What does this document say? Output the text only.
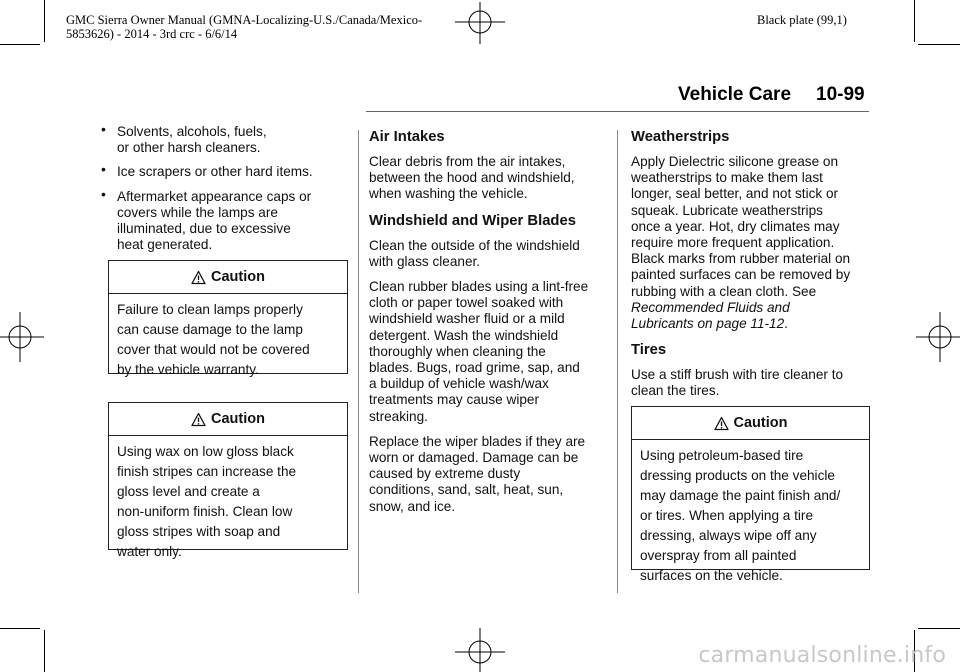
GMC Sierra Owner Manual (GMNA-Localizing-U.S./Canada/Mexico-
5853626) - 2014 - 3rd crc - 6/6/14
Black plate (99,1)
Vehicle Care 10-99
• Solvents, alcohols, fuels,
or other harsh cleaners.
• Ice scrapers or other hard items.
• Aftermarket appearance caps or
covers while the lamps are
illuminated, due to excessive
heat generated.
Caution
Failure to clean lamps properly
can cause damage to the lamp
cover that would not be covered
by the vehicle warranty.
Caution
Using wax on low gloss black
finish stripes can increase the
gloss level and create a
non-uniform finish. Clean low
gloss stripes with soap and
water only.
Air Intakes

Clear debris from the air intakes,
between the hood and windshield,
when washing the vehicle.

Windshield and Wiper Blades

Clean the outside of the windshield
with glass cleaner.

Clean rubber blades using a lint-free
cloth or paper towel soaked with
windshield washer fluid or a mild
detergent. Wash the windshield
thoroughly when cleaning the
blades. Bugs, road grime, sap, and
a buildup of vehicle wash/wax
treatments may cause wiper
streaking.

Replace the wiper blades if they are
worn or damaged. Damage can be
caused by extreme dusty
conditions, sand, salt, heat, sun,
snow, and ice.

Weatherstrips

Apply Dielectric silicone grease on
weatherstrips to make them last
longer, seal better, and not stick or
squeak. Lubricate weatherstrips
once a year. Hot, dry climates may
require more frequent application.
Black marks from rubber material on
painted surfaces can be removed by
rubbing with a clean cloth. See
Recommended Fluids and
Lubricants on page 11-12.

Tires

Use a stiff brush with tire cleaner to
clean the tires.

Caution
Using petroleum-based tire
dressing products on the vehicle
may damage the paint finish and/
or tires. When applying a tire
dressing, always wipe off any
overspray from all painted
surfaces on the vehicle.
carmanualsonline.info
